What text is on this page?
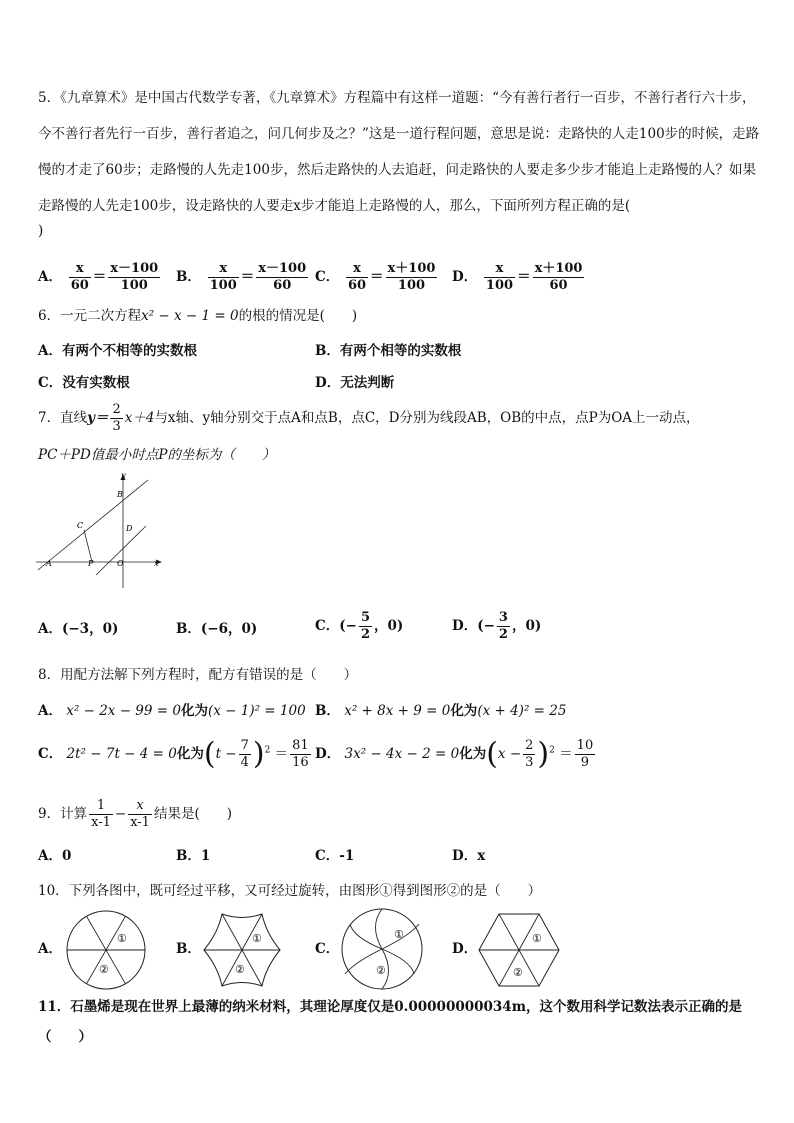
5．《九章算术》是中国古代数学专著，《九章算术》方程篇中有这样一道题：“今有善行者行一百步，不善行者行六十步，今不善行者先行一百步，善行者追之，问几何步及之？”这是一道行程问题，意思是说：走路快的人走100步的时候，走路慢的才走了60步；走路慢的人先走100步，然后走路快的人去追赶，问走路快的人要走多少步才能追上走路慢的人？如果走路慢的人先走100步，设走路快的人要走x步才能追上走路慢的人，那么，下面所列方程正确的是(
)
A． $\frac{x}{60} = \frac{x-100}{100}$ B． $\frac{x}{100} = \frac{x-100}{60}$ C． $\frac{x}{60} = \frac{x+100}{100}$ D． $\frac{x}{100} = \frac{x+100}{60}$
6．一元二次方程x² − x − 1 = 0的根的情况是(　　)
A．有两个不相等的实数根	B．有两个相等的实数根
C．没有实数根	D．无法判断
7．直线$y= \frac{2}{3} x+4$与x轴、y轴分别交于点A和点B，点C，D分别为线段AB，OB的中点，点P为OA上一动点，
PC＋PD值最小时点P的坐标为（　　）
y
B
C	D
A	P	O	x
A．(−3，0)	B．(−6，0)	C．(− $\frac{5}{2}$ ，0)	D．(− $\frac{3}{2}$ ，0)
8．用配方法解下列方程时，配方有错误的是（　　）
A． x² − 2x − 99 = 0化为(x − 1)² = 100 B． x² + 8x + 9 = 0化为(x + 4)² = 25
C． 2t² − 7t − 4 = 0化为$(t - \frac{7}{4} )^2 = \frac{81}{16}$ D． 3x² − 4x − 2 = 0化为$(x - \frac{2}{3} )^2 = \frac{10}{9}$
9．计算 $\frac{1}{x-1} - \frac{x}{x-1}$ 结果是(　　)
A．0	B．1	C．-1	D．x
10．下列各图中，既可经过平移，又可经过旋转，由图形①得到图形②的是（　　）
A．	B．	C．	D．
①
②
①
②
①
②
①
②
11．石墨烯是现在世界上最薄的纳米材料，其理论厚度仅是0.00000000034m，这个数用科学记数法表示正确的是
（　　）
